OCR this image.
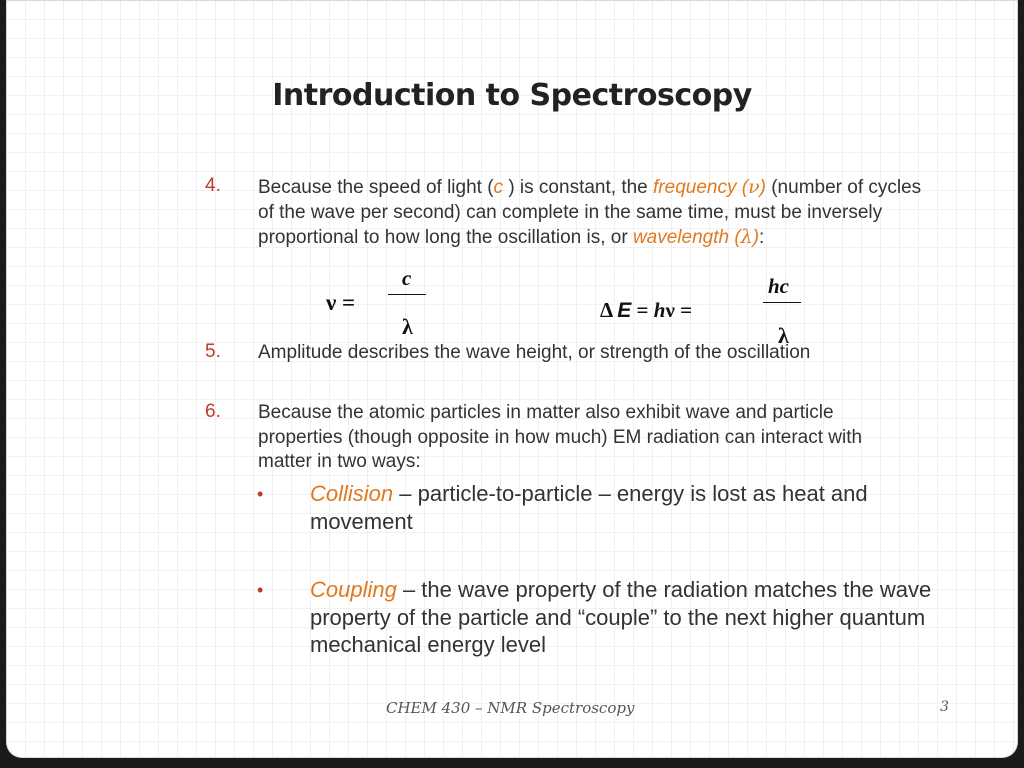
Introduction to Spectroscopy
4. Because the speed of light (c ) is constant, the frequency (ν) (number of cycles of the wave per second) can complete in the same time, must be inversely proportional to how long the oscillation is, or wavelength (λ):
ν =
c
λ
Δ E = hν =
hc
λ
5. Amplitude describes the wave height, or strength of the oscillation
6. Because the atomic particles in matter also exhibit wave and particle properties (though opposite in how much) EM radiation can interact with matter in two ways:
• Collision – particle-to-particle – energy is lost as heat and movement
• Coupling – the wave property of the radiation matches the wave property of the particle and “couple” to the next higher quantum mechanical energy level
CHEM 430 – NMR Spectroscopy	3
